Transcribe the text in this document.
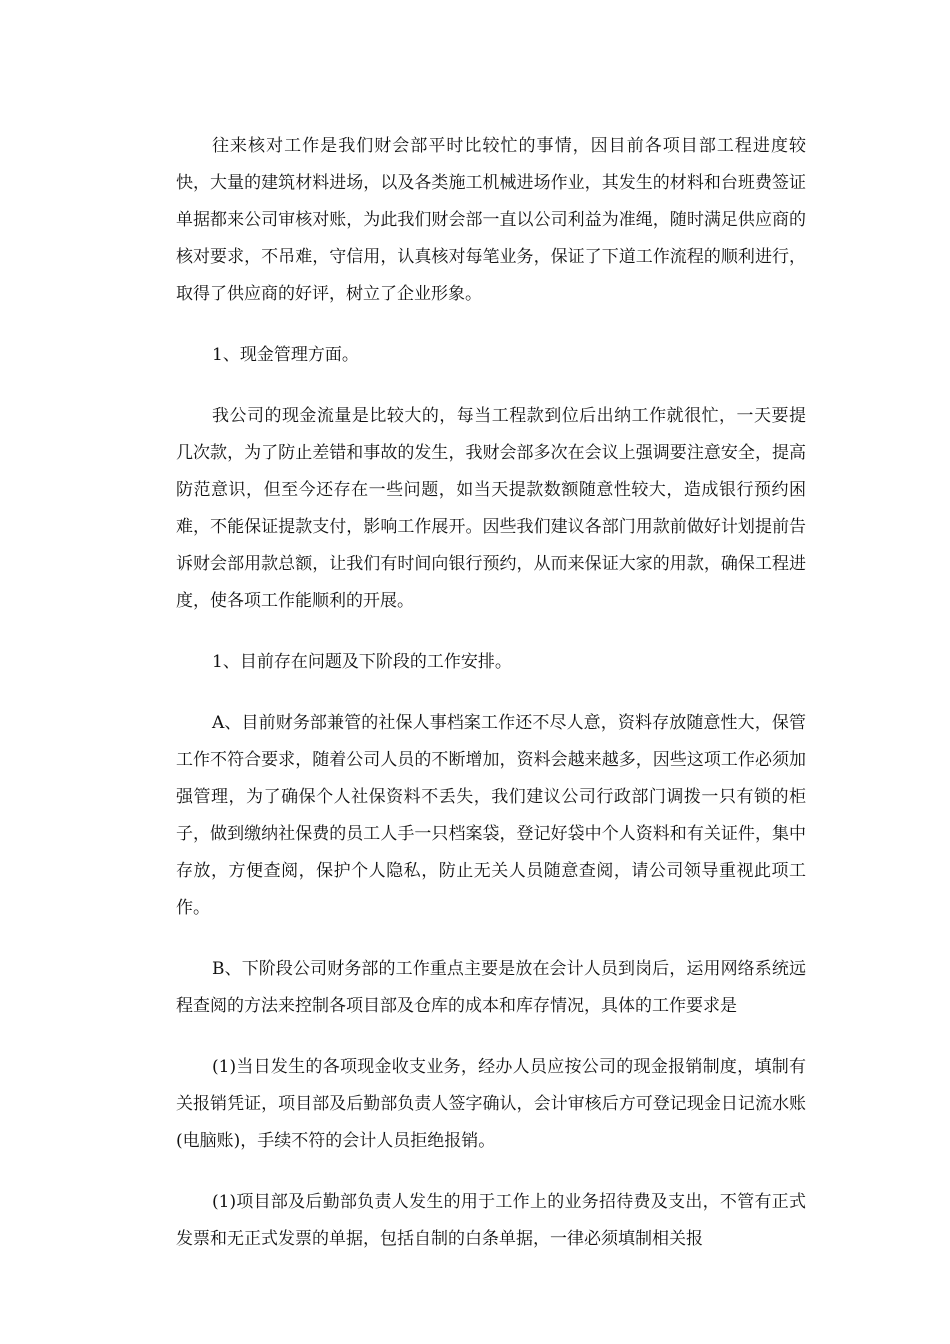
往来核对工作是我们财会部平时比较忙的事情，因目前各项目部工程进度较快，大量的建筑材料进场，以及各类施工机械进场作业，其发生的材料和台班费签证单据都来公司审核对账，为此我们财会部一直以公司利益为准绳，随时满足供应商的核对要求，不吊难，守信用，认真核对每笔业务，保证了下道工作流程的顺利进行，取得了供应商的好评，树立了企业形象。

1、现金管理方面。

我公司的现金流量是比较大的，每当工程款到位后出纳工作就很忙，一天要提几次款，为了防止差错和事故的发生，我财会部多次在会议上强调要注意安全，提高防范意识，但至今还存在一些问题，如当天提款数额随意性较大，造成银行预约困难，不能保证提款支付，影响工作展开。因些我们建议各部门用款前做好计划提前告诉财会部用款总额，让我们有时间向银行预约，从而来保证大家的用款，确保工程进度，使各项工作能顺利的开展。

1、目前存在问题及下阶段的工作安排。

A、目前财务部兼管的社保人事档案工作还不尽人意，资料存放随意性大，保管工作不符合要求，随着公司人员的不断增加，资料会越来越多，因些这项工作必须加强管理，为了确保个人社保资料不丢失，我们建议公司行政部门调拨一只有锁的柜子，做到缴纳社保费的员工人手一只档案袋，登记好袋中个人资料和有关证件，集中存放，方便查阅，保护个人隐私，防止无关人员随意查阅，请公司领导重视此项工作。

B、下阶段公司财务部的工作重点主要是放在会计人员到岗后，运用网络系统远程查阅的方法来控制各项目部及仓库的成本和库存情况，具体的工作要求是

(1)当日发生的各项现金收支业务，经办人员应按公司的现金报销制度，填制有关报销凭证，项目部及后勤部负责人签字确认，会计审核后方可登记现金日记流水账(电脑账)，手续不符的会计人员拒绝报销。

(1)项目部及后勤部负责人发生的用于工作上的业务招待费及支出，不管有正式发票和无正式发票的单据，包括自制的白条单据，一律必须填制相关报
